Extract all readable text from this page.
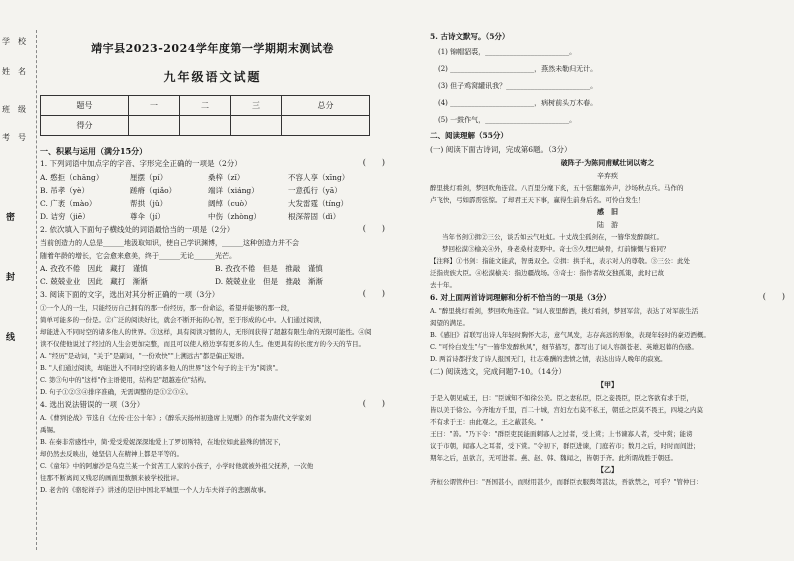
学 校
姓 名
班 级
考 号
密
封
线
靖宇县2023-2024学年度第一学期期末测试卷
九年级语文试题
题号	一	二	三	总分
得分				
一、积累与运用（满分15分）
1. 下列词语中加点字的字音、字形完全正确的一项是（2分）	(　　)
A. 憨拒（chāng）	厘摆（pí）	桑梓（zǐ）	不容人享（xīng）
B. 吊孝（yè）	蹉瘠（qiǎo）	端详（xiáng）	一意孤行（yā）
C. 广袤（mào）	帮拱（jǔ）	阔绰（cuò）	大发雷霆（tíng）
D. 诘穷（jiē）	尊伞（jí）	中伤（zhòng）	根深蒂固（dì）
2. 依次填入下面句子横线处的词语最恰当的一项是（2分）	(　　)
当前创造力的人总是______地汲取知识，使自己学识渊博，______这种创造力并不会
随着年龄的增长，它会愈来愈美，终于______无论______光芒。
A. 孜孜不倦　因此　藏打　谨慎	B. 孜孜不倦　但是　推敲　谨慎
C. 兢兢业业　因此　藏打　渐渐	D. 兢兢业业　但是　推敲　渐渐
3. 阅读下面的文字，选出对其分析正确的一项（3分）	(　　)
①一个人的一生，只能经历自己拥有的那一份经历，那一份命运，希望并能够的那一段，
简单可能多的一份是。②广泛的阅读好比，就会不断开拓的心智，至于形成的心中。人们通过阅读，
却能进入不同时空的诸多他人的世界。③这样，具有阅读习惯的人，无形间获得了超越有限生命的无限可能性。④阅
读不仅使他说过了经过的人生会更加完整，而且可以使人格边享有更多的人生。他更具有的长度方的今天的节目。
A. "经历"是动词，"关于"是副词，"一份欢快""上溯远古"都是偏正短语。
B. "人们通过阅读，却能进入不同时空的诸多他人的世界"这个句子的主干为"阅读"。
C. 第③句中的"这样"作主语使用，结构是"超越连位"结构。
D. 句子①②③④排序准确，无需调整的是①②③④。
4. 选出说法错误的一项（3分）	(　　)
A.《曹刿论战》节选自《左传·庄公十年》;《醉乐天扬州初逢席上见赠》的作者为唐代文学家刘
禹锡。
B. 在秦非常感性中，简·爱受爱妮深深地爱上了罗切斯特，在地位如此悬殊的情况下，
却仍然去反映出，她坚信人在精神上都是平等的。
C.《童年》中的阿廖沙是乌克兰某一个贫苦工人家的小孩子，小学时他就被外祖父抚养，一次他
往那不断离间又残忍的画面里数额来被学校批评。
D. 老舍的《骆驼祥子》讲述的是旧中国北平城里一个人力车夫祥子的悲剧故事。
5. 古诗文默写。（5分）
(1) 锦帽貂裘，________________________。
(2) ________________________，燕然未勒归无计。
(3) 但子鸡窝罐讯我？________________________。
(4) ________________________，病树前头万木春。
(5) 一鼓作气，________________________。
二、阅读理解（55分）
(一) 阅读下面古诗词，完成第6题。（3分）
破阵子·为陈同甫赋壮词以寄之
辛弃疾
醉里挑灯看剑，梦回吹角连营。八百里分麾下炙，五十弦翻塞外声，沙场秋点兵。马作的
卢飞快，弓如霹雳弦惊。了却君王天下事，赢得生前身后名。可怜白发生！
感　旧
陆　游
当年书剑①揖②三公，谈舌如云气吐虹。十丈战尘孤剑在，一簪华发醉颜红。
梦回松漠③榆关④外，身老桑村麦野中。奇士⑤久埋巴峡骨，灯前慷慨与谁同？
【注释】①书剑：指能文能武，智勇双全。②揖：拱手礼，表示对人的尊敬。③三公：此处
泛指贵族大臣。④松漠榆关：指边疆战场。⑤奇士：指作者故交独孤策，此时已故
去十年。
6. 对上面两首诗词理解和分析不恰当的一项是（3分）	(　　)
A. "醉里挑灯看剑，梦回吹角连营。"词人夜里醉酒，挑灯看剑，梦回军营，表达了对军旅生活
渴望的满足。
B.《感旧》首联写出诗人年轻时胸怀大志，意气风发，志存高远的形象，表现年轻时的豪迈酒概。
C. "可怜白发生"与"一簪华发醉秋风"，细节描写，都写出了词人容颜苍老、英雄迟暮的伤感。
D. 两首诗都抒发了诗人报国无门，壮志难酬的悲愤之情，表达出诗人晚年的寂寞。
(二) 阅读选文，完成问题7-10。（14分）
【甲】
于是入朝见威王，曰："臣诚知不如徐公美。臣之妻私臣，臣之妾畏臣，臣之客欲有求于臣，
皆以美于徐公。今齐地方千里，百二十城，宫妇左右莫不私王，朝廷之臣莫不畏王，四境之内莫
不有求于王：由此观之，王之蔽甚矣。"
王曰："善。"乃下令："群臣吏民能面刺寡人之过者，受上赏；上书谏寡人者，受中赏；能谤
议于市朝，闻寡人之耳者，受下赏。"令初下，群臣进谏，门庭若市；数月之后，时时而间进；
期年之后，虽欲言，无可进者。燕、赵、韩、魏闻之，皆朝于齐。此所谓战胜于朝廷。
【乙】
齐桓公谓管仲曰："吾国甚小，而财用甚少，而群臣衣服舆驾甚汰，吾欲禁之，可乎？"管仲曰：
